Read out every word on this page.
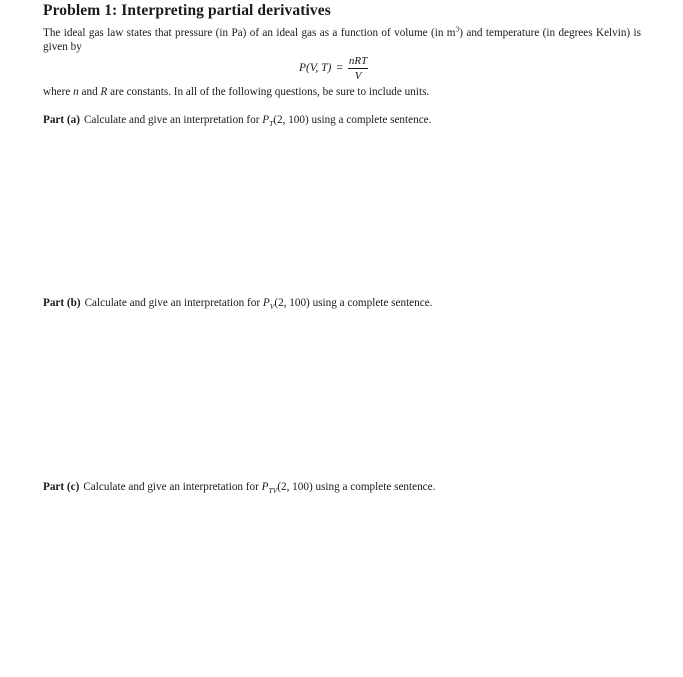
Problem 1: Interpreting partial derivatives
The ideal gas law states that pressure (in Pa) of an ideal gas as a function of volume (in $m^3$) and temperature (in degrees Kelvin) is given by
P(V, $T) = \frac{\text{nRT}}{V}$
where n and R are constants. In all of the following questions, be sure to include units.
Part (a) Calculate and give an interpretation for $P_T(2$, 100) using a complete sentence.
Part (b) Calculate and give an interpretation for $P_V(2$, 100) using a complete sentence.
Part (c) Calculate and give an interpretation for $P_{TV}(2$, 100) using a complete sentence.
